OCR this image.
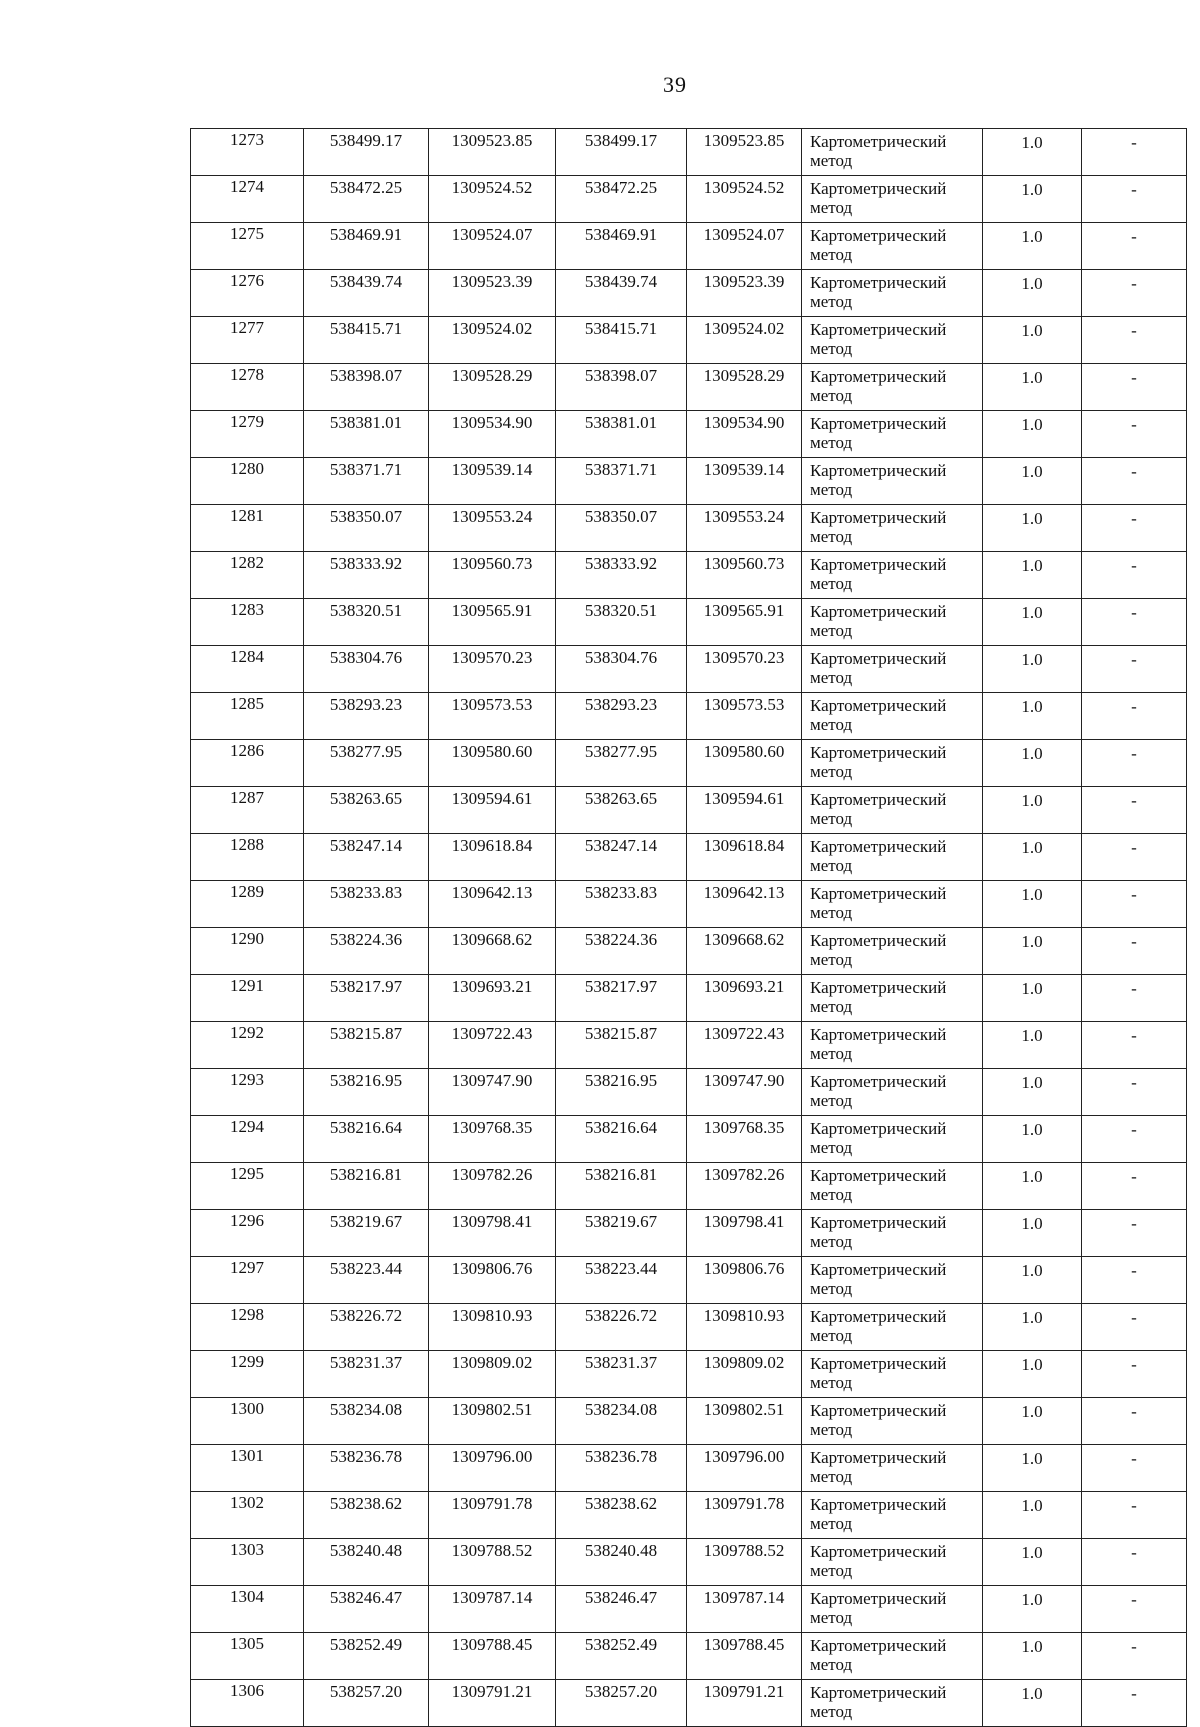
39
1273	538499.17	1309523.85	538499.17	1309523.85	Картометрический метод	1.0	-
1274	538472.25	1309524.52	538472.25	1309524.52	Картометрический метод	1.0	-
1275	538469.91	1309524.07	538469.91	1309524.07	Картометрический метод	1.0	-
1276	538439.74	1309523.39	538439.74	1309523.39	Картометрический метод	1.0	-
1277	538415.71	1309524.02	538415.71	1309524.02	Картометрический метод	1.0	-
1278	538398.07	1309528.29	538398.07	1309528.29	Картометрический метод	1.0	-
1279	538381.01	1309534.90	538381.01	1309534.90	Картометрический метод	1.0	-
1280	538371.71	1309539.14	538371.71	1309539.14	Картометрический метод	1.0	-
1281	538350.07	1309553.24	538350.07	1309553.24	Картометрический метод	1.0	-
1282	538333.92	1309560.73	538333.92	1309560.73	Картометрический метод	1.0	-
1283	538320.51	1309565.91	538320.51	1309565.91	Картометрический метод	1.0	-
1284	538304.76	1309570.23	538304.76	1309570.23	Картометрический метод	1.0	-
1285	538293.23	1309573.53	538293.23	1309573.53	Картометрический метод	1.0	-
1286	538277.95	1309580.60	538277.95	1309580.60	Картометрический метод	1.0	-
1287	538263.65	1309594.61	538263.65	1309594.61	Картометрический метод	1.0	-
1288	538247.14	1309618.84	538247.14	1309618.84	Картометрический метод	1.0	-
1289	538233.83	1309642.13	538233.83	1309642.13	Картометрический метод	1.0	-
1290	538224.36	1309668.62	538224.36	1309668.62	Картометрический метод	1.0	-
1291	538217.97	1309693.21	538217.97	1309693.21	Картометрический метод	1.0	-
1292	538215.87	1309722.43	538215.87	1309722.43	Картометрический метод	1.0	-
1293	538216.95	1309747.90	538216.95	1309747.90	Картометрический метод	1.0	-
1294	538216.64	1309768.35	538216.64	1309768.35	Картометрический метод	1.0	-
1295	538216.81	1309782.26	538216.81	1309782.26	Картометрический метод	1.0	-
1296	538219.67	1309798.41	538219.67	1309798.41	Картометрический метод	1.0	-
1297	538223.44	1309806.76	538223.44	1309806.76	Картометрический метод	1.0	-
1298	538226.72	1309810.93	538226.72	1309810.93	Картометрический метод	1.0	-
1299	538231.37	1309809.02	538231.37	1309809.02	Картометрический метод	1.0	-
1300	538234.08	1309802.51	538234.08	1309802.51	Картометрический метод	1.0	-
1301	538236.78	1309796.00	538236.78	1309796.00	Картометрический метод	1.0	-
1302	538238.62	1309791.78	538238.62	1309791.78	Картометрический метод	1.0	-
1303	538240.48	1309788.52	538240.48	1309788.52	Картометрический метод	1.0	-
1304	538246.47	1309787.14	538246.47	1309787.14	Картометрический метод	1.0	-
1305	538252.49	1309788.45	538252.49	1309788.45	Картометрический метод	1.0	-
1306	538257.20	1309791.21	538257.20	1309791.21	Картометрический метод	1.0	-
